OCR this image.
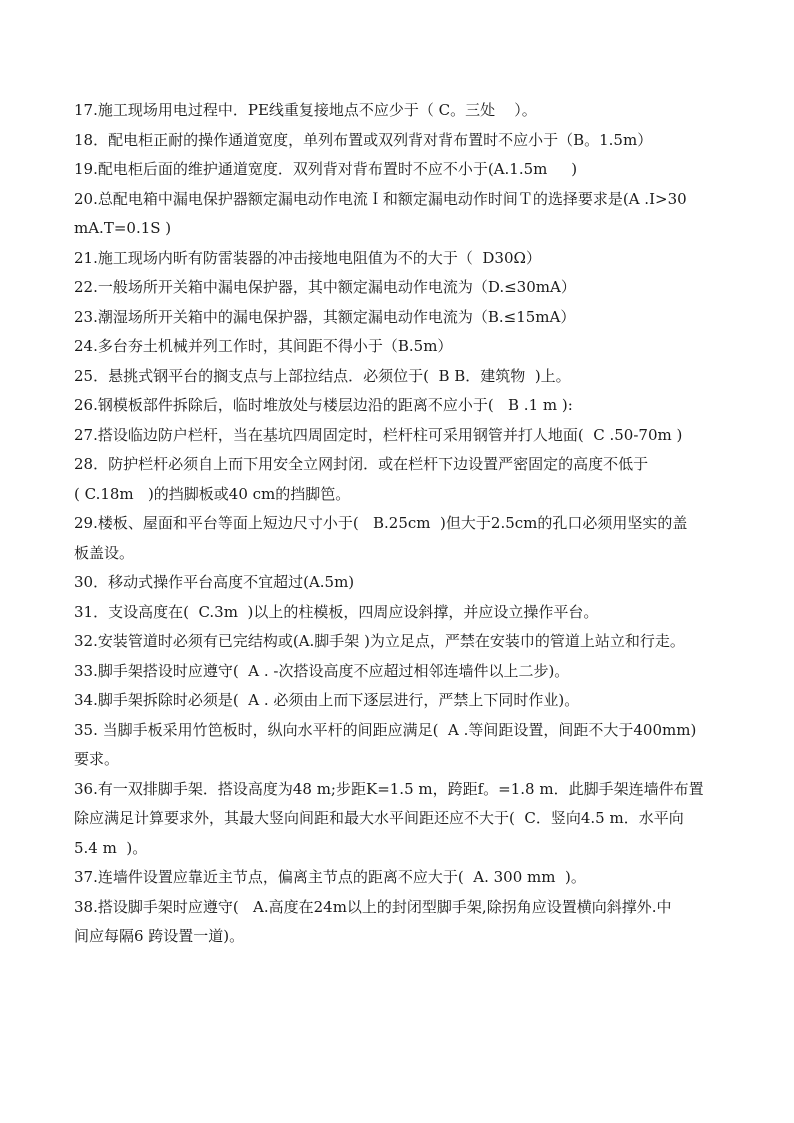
17.施工现场用电过程中．PE线重复接地点不应少于（ C。三处    ）。
18．配电柜正耐的操作通道宽度，单列布置或双列背对背布置时不应小于（B。1.5m）
19.配电柜后面的维护通道宽度．双列背对背布置时不应不小于(A.1.5m     )
20.总配电箱中漏电保护器额定漏电动作电流Ｉ和额定漏电动作时间Ｔ的选择要求是(A .I>30
mA.T=0.1S )
21.施工现场内昕有防雷装器的冲击接地电阻值为不的大于（  D30Ω）
22.一般场所开关箱中漏电保护器，其中额定漏电动作电流为（D.≤30mA）
23.潮湿场所开关箱中的漏电保护器，其额定漏电动作电流为（B.≤15mA）
24.多台夯土机械并列工作时，其间距不得小于（B.5m）
25．悬挑式钢平台的搁支点与上部拉结点．必须位于(  B B．建筑物  )上。
26.钢模板部件拆除后，临时堆放处与楼层边沿的距离不应小于(   B .1 m ):
27.搭设临边防户栏杆，当在基坑四周固定时，栏杆柱可采用钢管并打人地面(  C .50-70m )
28．防护栏杆必须自上而下用安全立网封闭．或在栏杆下边设置严密固定的高度不低于
( C.18m   )的挡脚板或40 cm的挡脚笆。
29.楼板、屋面和平台等面上短边尺寸小于(   B.25cm  )但大于2.5cm的孔口必须用坚实的盖
板盖设。
30．移动式操作平台高度不宜超过(A.5m)
31．支设高度在(  C.3m  )以上的柱模板，四周应设斜撑，并应设立操作平台。
32.安装管道时必须有已完结构或(A.脚手架 )为立足点，严禁在安装巾的管道上站立和行走。
33.脚手架搭设时应遵守(  A . -次搭设高度不应超过相邻连墙件以上二步)。
34.脚手架拆除时必须是(  A . 必须由上而下逐层进行，严禁上下同时作业)。
35. 当脚手板采用竹笆板时，纵向水平杆的间距应满足(  A .等间距设置，间距不大于400mm)
要求。
36.有一双排脚手架．搭设高度为48 m;步距K=1.5 m，跨距f。=1.8 m．此脚手架连墙件布置
除应满足计算要求外，其最大竖向间距和最大水平间距还应不大于(  C．竖向4.5 m．水平向
5.4 m  )。
37.连墙件设置应靠近主节点，偏离主节点的距离不应大于(  A. 300 mm  )。
38.搭设脚手架时应遵守(   A.高度在24m以上的封闭型脚手架,除拐角应设置横向斜撑外.中
间应每隔6 跨设置一道)。
